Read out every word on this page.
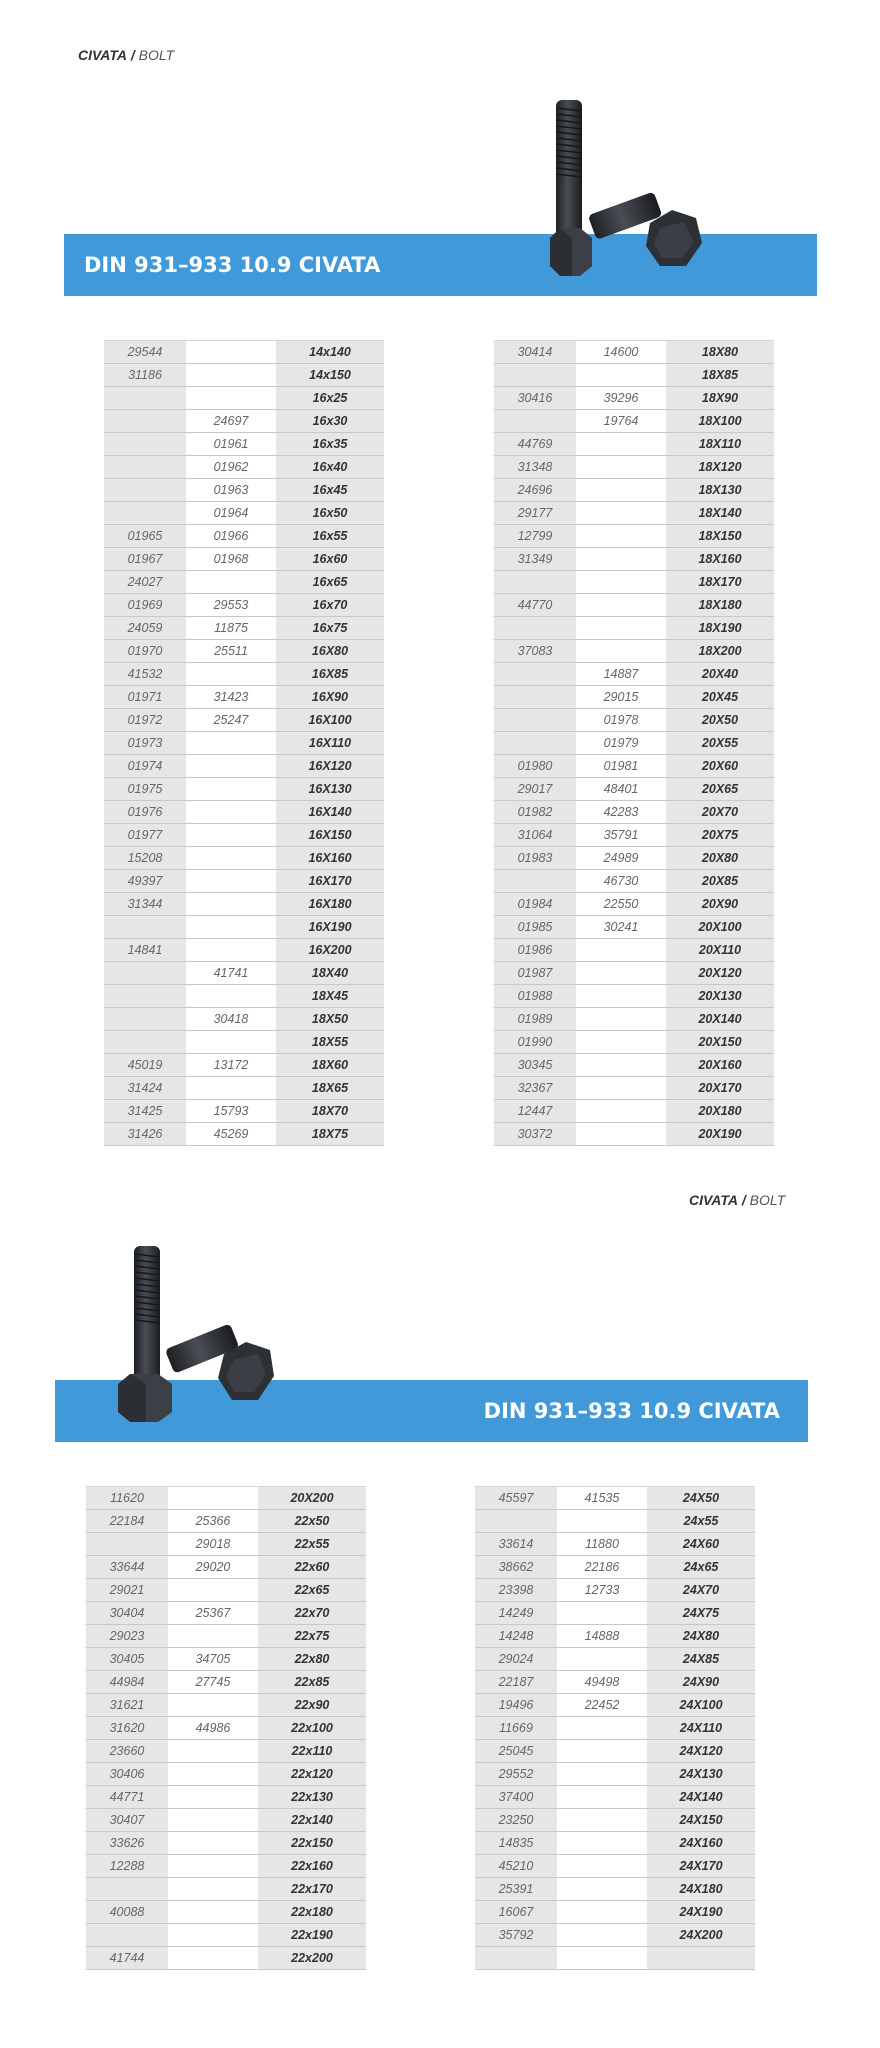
CIVATA / BOLT
DIN 931–933 10.9 CIVATA
29544		14x140
31186		14x150
		16x25
	24697	16x30
	01961	16x35
	01962	16x40
	01963	16x45
	01964	16x50
01965	01966	16x55
01967	01968	16x60
24027		16x65
01969	29553	16x70
24059	11875	16x75
01970	25511	16X80
41532		16X85
01971	31423	16X90
01972	25247	16X100
01973		16X110
01974		16X120
01975		16X130
01976		16X140
01977		16X150
15208		16X160
49397		16X170
31344		16X180
		16X190
14841		16X200
	41741	18X40
		18X45
	30418	18X50
		18X55
45019	13172	18X60
31424		18X65
31425	15793	18X70
31426	45269	18X75
30414	14600	18X80
		18X85
30416	39296	18X90
	19764	18X100
44769		18X110
31348		18X120
24696		18X130
29177		18X140
12799		18X150
31349		18X160
		18X170
44770		18X180
		18X190
37083		18X200
	14887	20X40
	29015	20X45
	01978	20X50
	01979	20X55
01980	01981	20X60
29017	48401	20X65
01982	42283	20X70
31064	35791	20X75
01983	24989	20X80
	46730	20X85
01984	22550	20X90
01985	30241	20X100
01986		20X110
01987		20X120
01988		20X130
01989		20X140
01990		20X150
30345		20X160
32367		20X170
12447		20X180
30372		20X190
CIVATA / BOLT
DIN 931–933 10.9 CIVATA
11620		20X200
22184	25366	22x50
	29018	22x55
33644	29020	22x60
29021		22x65
30404	25367	22x70
29023		22x75
30405	34705	22x80
44984	27745	22x85
31621		22x90
31620	44986	22x100
23660		22x110
30406		22x120
44771		22x130
30407		22x140
33626		22x150
12288		22x160
		22x170
40088		22x180
		22x190
41744		22x200
45597	41535	24X50
		24x55
33614	11880	24X60
38662	22186	24x65
23398	12733	24X70
14249		24X75
14248	14888	24X80
29024		24X85
22187	49498	24X90
19496	22452	24X100
11669		24X110
25045		24X120
29552		24X130
37400		24X140
23250		24X150
14835		24X160
45210		24X170
25391		24X180
16067		24X190
35792		24X200
